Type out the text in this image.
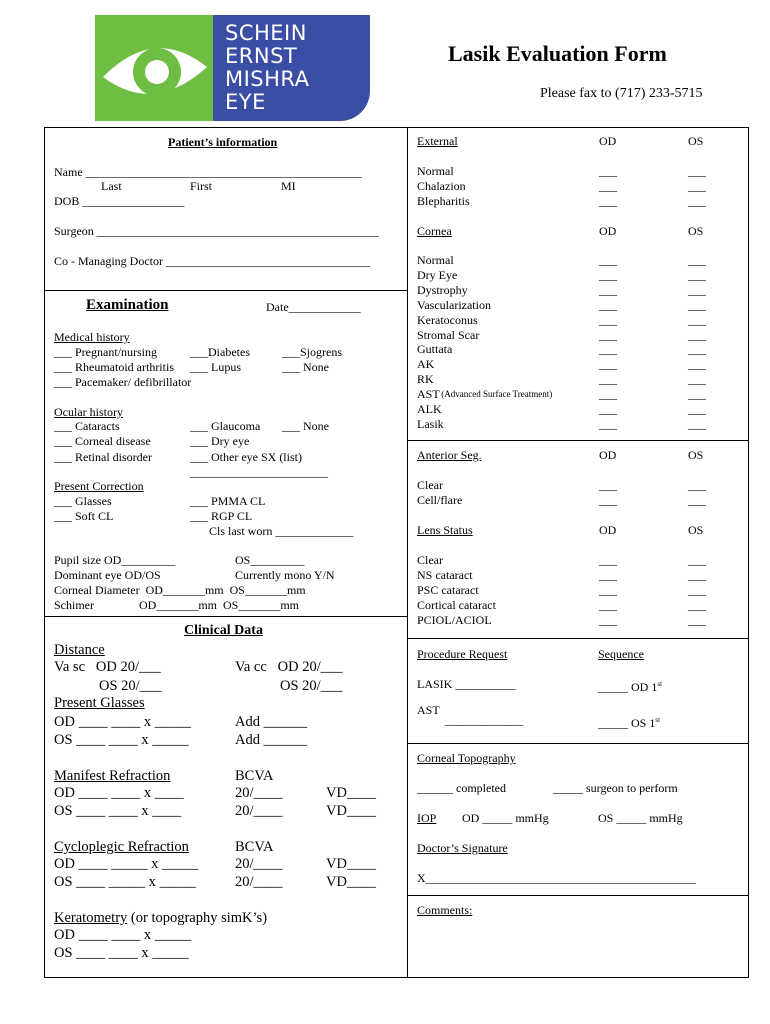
SCHEIN
ERNST
MISHRA
EYE
Lasik Evaluation Form
Please fax to (717) 233-5715
Patient’s information
Name ______________________________________________
Last	First	MI
DOB _________________
Surgeon _______________________________________________
Co - Managing Doctor __________________________________
Examination	Date____________
Medical history
___ Pregnant/nursing	___Diabetes	___Sjogrens
___ Rheumatoid arthritis ___ Lupus	___ None
___ Pacemaker/ defibrillator
Ocular history
___ Cataracts	___ Glaucoma ___ None
___ Corneal disease	___ Dry eye
___ Retinal disorder	___ Other eye SX (list)
_______________________
Present Correction
___ Glasses	___ PMMA CL
___ Soft CL	___ RGP CL
Cls last worn _____________
Pupil size OD_________	OS_________
Dominant eye OD/OS	Currently mono Y/N
Corneal Diameter  OD_______mm  OS_______mm
Schimer               OD_______mm  OS_______mm
Clinical Data
Distance
Va sc   OD 20/___	Va cc   OD 20/___
OS 20/___	OS 20/___
Present Glasses
OD ____ ____ x _____	Add ______
OS ____ ____ x _____	Add ______
Manifest Refraction	BCVA
OD ____ ____ x ____	20/____	VD____
OS ____ ____ x ____	20/____	VD____
Cycloplegic Refraction	BCVA
OD ____ _____ x _____	20/____	VD____
OS ____ _____ x _____	20/____	VD____
Keratometry (or topography simK’s)
OD ____ ____ x _____
OS ____ ____ x _____
External	OD	OS
Normal	___	___
Chalazion	___	___
Blepharitis	___	___
Cornea	OD	OS
Normal	___	___
Dry Eye	___	___
Dystrophy	___	___
Vascularization	___	___
Keratoconus	___	___
Stromal Scar	___	___
Guttata	___	___
AK	___	___
RK	___	___
AST (Advanced Surface Treatment)	___	___
ALK	___	___
Lasik	___	___
Anterior Seg.	OD	OS
Clear	___	___
Cell/flare	___	___
Lens Status	OD	OS
Clear	___	___
NS cataract	___	___
PSC cataract	___	___
Cortical cataract	___	___
PCIOL/ACIOL	___	___
Procedure Request	Sequence
LASIK __________	_____ OD 1st
AST
_____________	_____ OS 1st
Corneal Topography
______ completed	_____ surgeon to perform
IOP OD _____ mmHg	OS _____ mmHg
Doctor’s Signature
X_____________________________________________
Comments:
